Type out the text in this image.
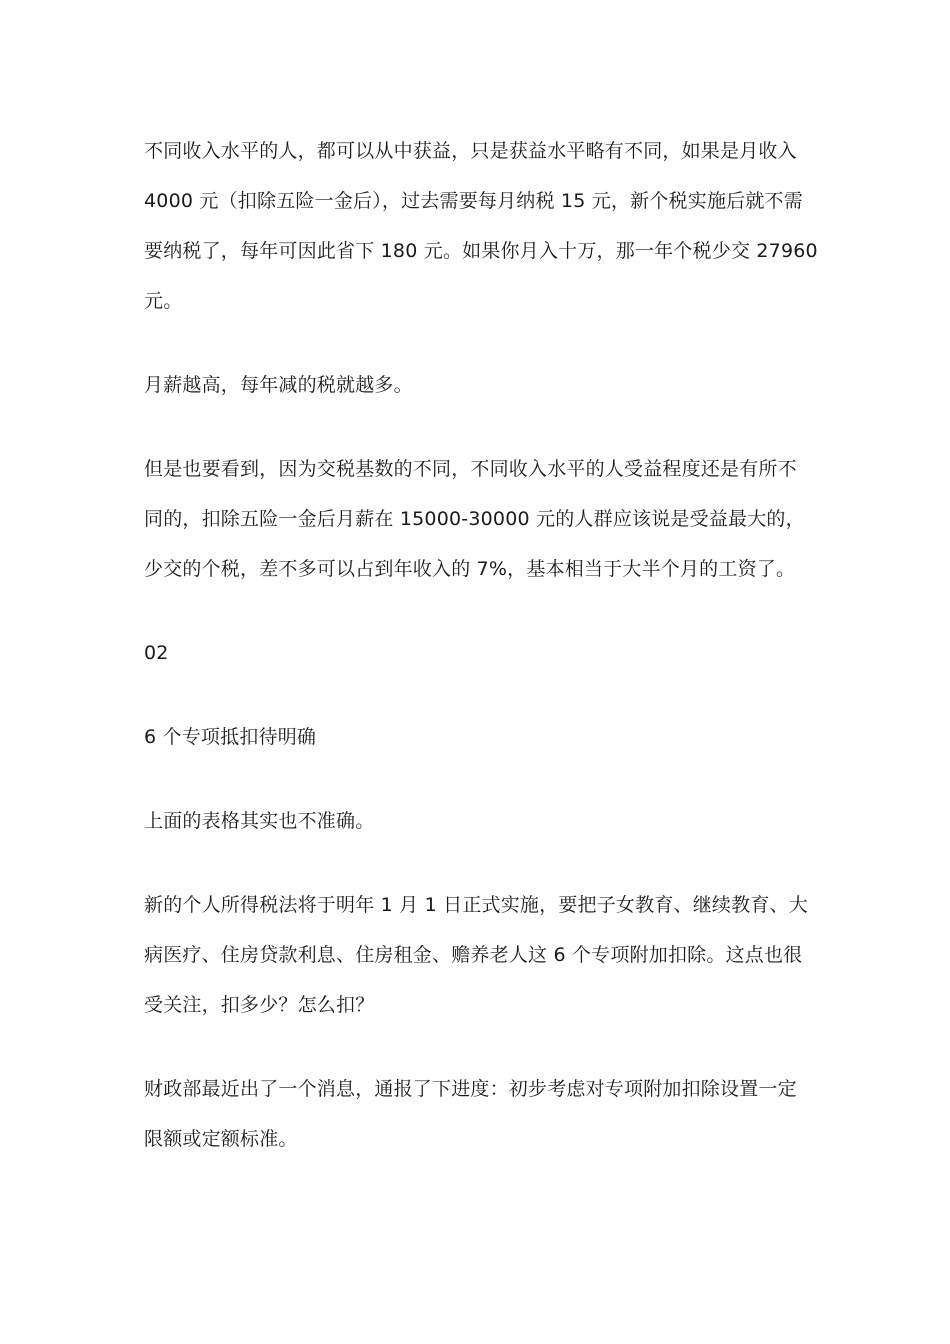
不同收入水平的人，都可以从中获益，只是获益水平略有不同，如果是月收入
4000 元（扣除五险一金后），过去需要每月纳税 15 元，新个税实施后就不需
要纳税了，每年可因此省下 180 元。如果你月入十万，那一年个税少交 27960
元。
月薪越高，每年减的税就越多。
但是也要看到，因为交税基数的不同，不同收入水平的人受益程度还是有所不
同的，扣除五险一金后月薪在 15000-30000 元的人群应该说是受益最大的，
少交的个税，差不多可以占到年收入的 7%，基本相当于大半个月的工资了。
02
6 个专项抵扣待明确
上面的表格其实也不准确。
新的个人所得税法将于明年 1 月 1 日正式实施，要把子女教育、继续教育、大
病医疗、住房贷款利息、住房租金、赡养老人这 6 个专项附加扣除。这点也很
受关注，扣多少？怎么扣？
财政部最近出了一个消息，通报了下进度：初步考虑对专项附加扣除设置一定
限额或定额标准。
